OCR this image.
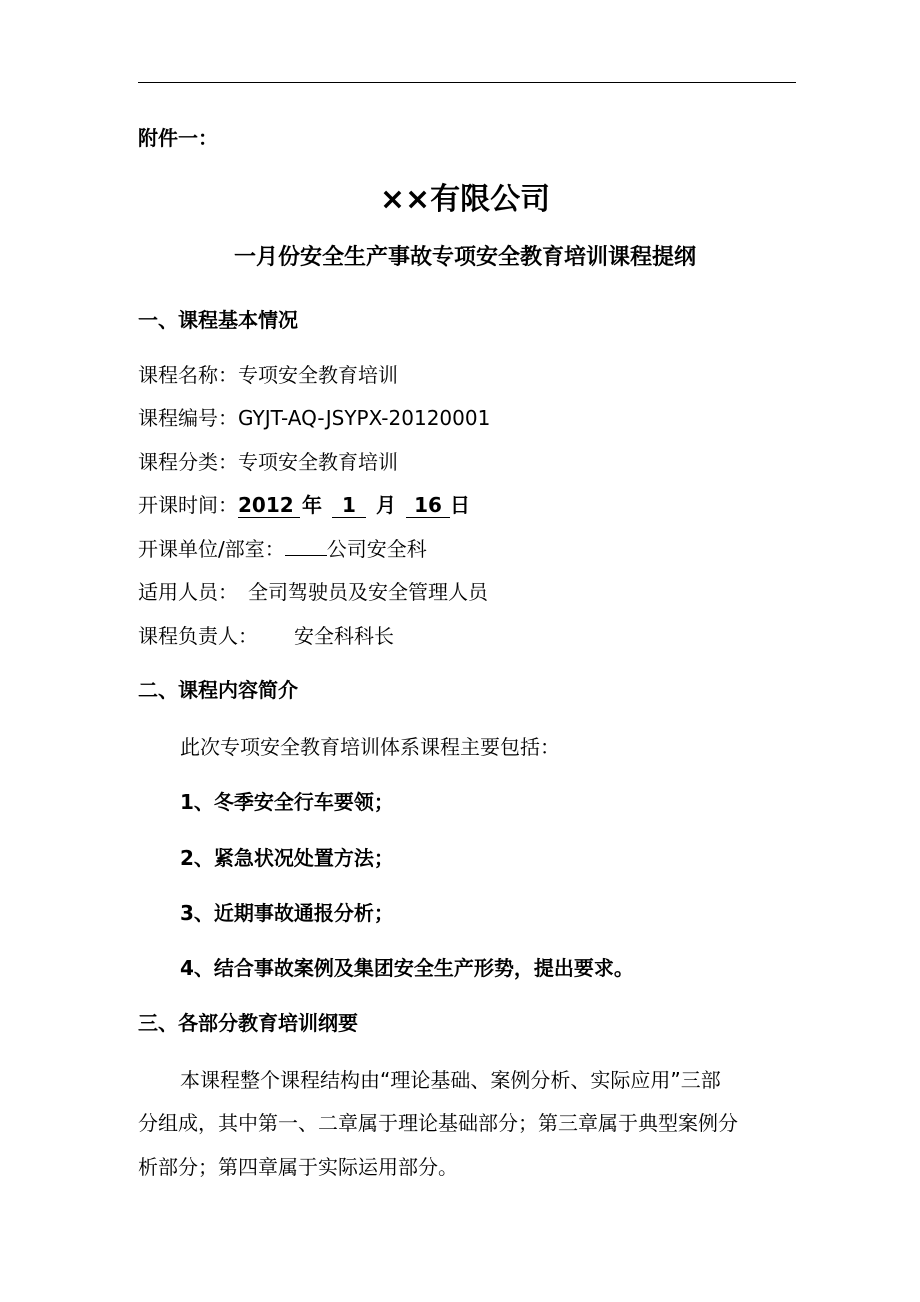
附件一：
××有限公司
一月份安全生产事故专项安全教育培训课程提纲
一、课程基本情况
课程名称：专项安全教育培训
课程编号：GYJT-AQ-JSYPX-20120001
课程分类：专项安全教育培训
开课时间：2012 年 1 月 16 日
开课单位/部室： 公司安全科
适用人员： 全司驾驶员及安全管理人员
课程负责人： 安全科科长
二、课程内容简介
此次专项安全教育培训体系课程主要包括：
1、冬季安全行车要领；
2、紧急状况处置方法；
3、近期事故通报分析；
4、结合事故案例及集团安全生产形势，提出要求。
三、各部分教育培训纲要
本课程整个课程结构由“理论基础、案例分析、实际应用”三部
分组成，其中第一、二章属于理论基础部分；第三章属于典型案例分
析部分；第四章属于实际运用部分。
